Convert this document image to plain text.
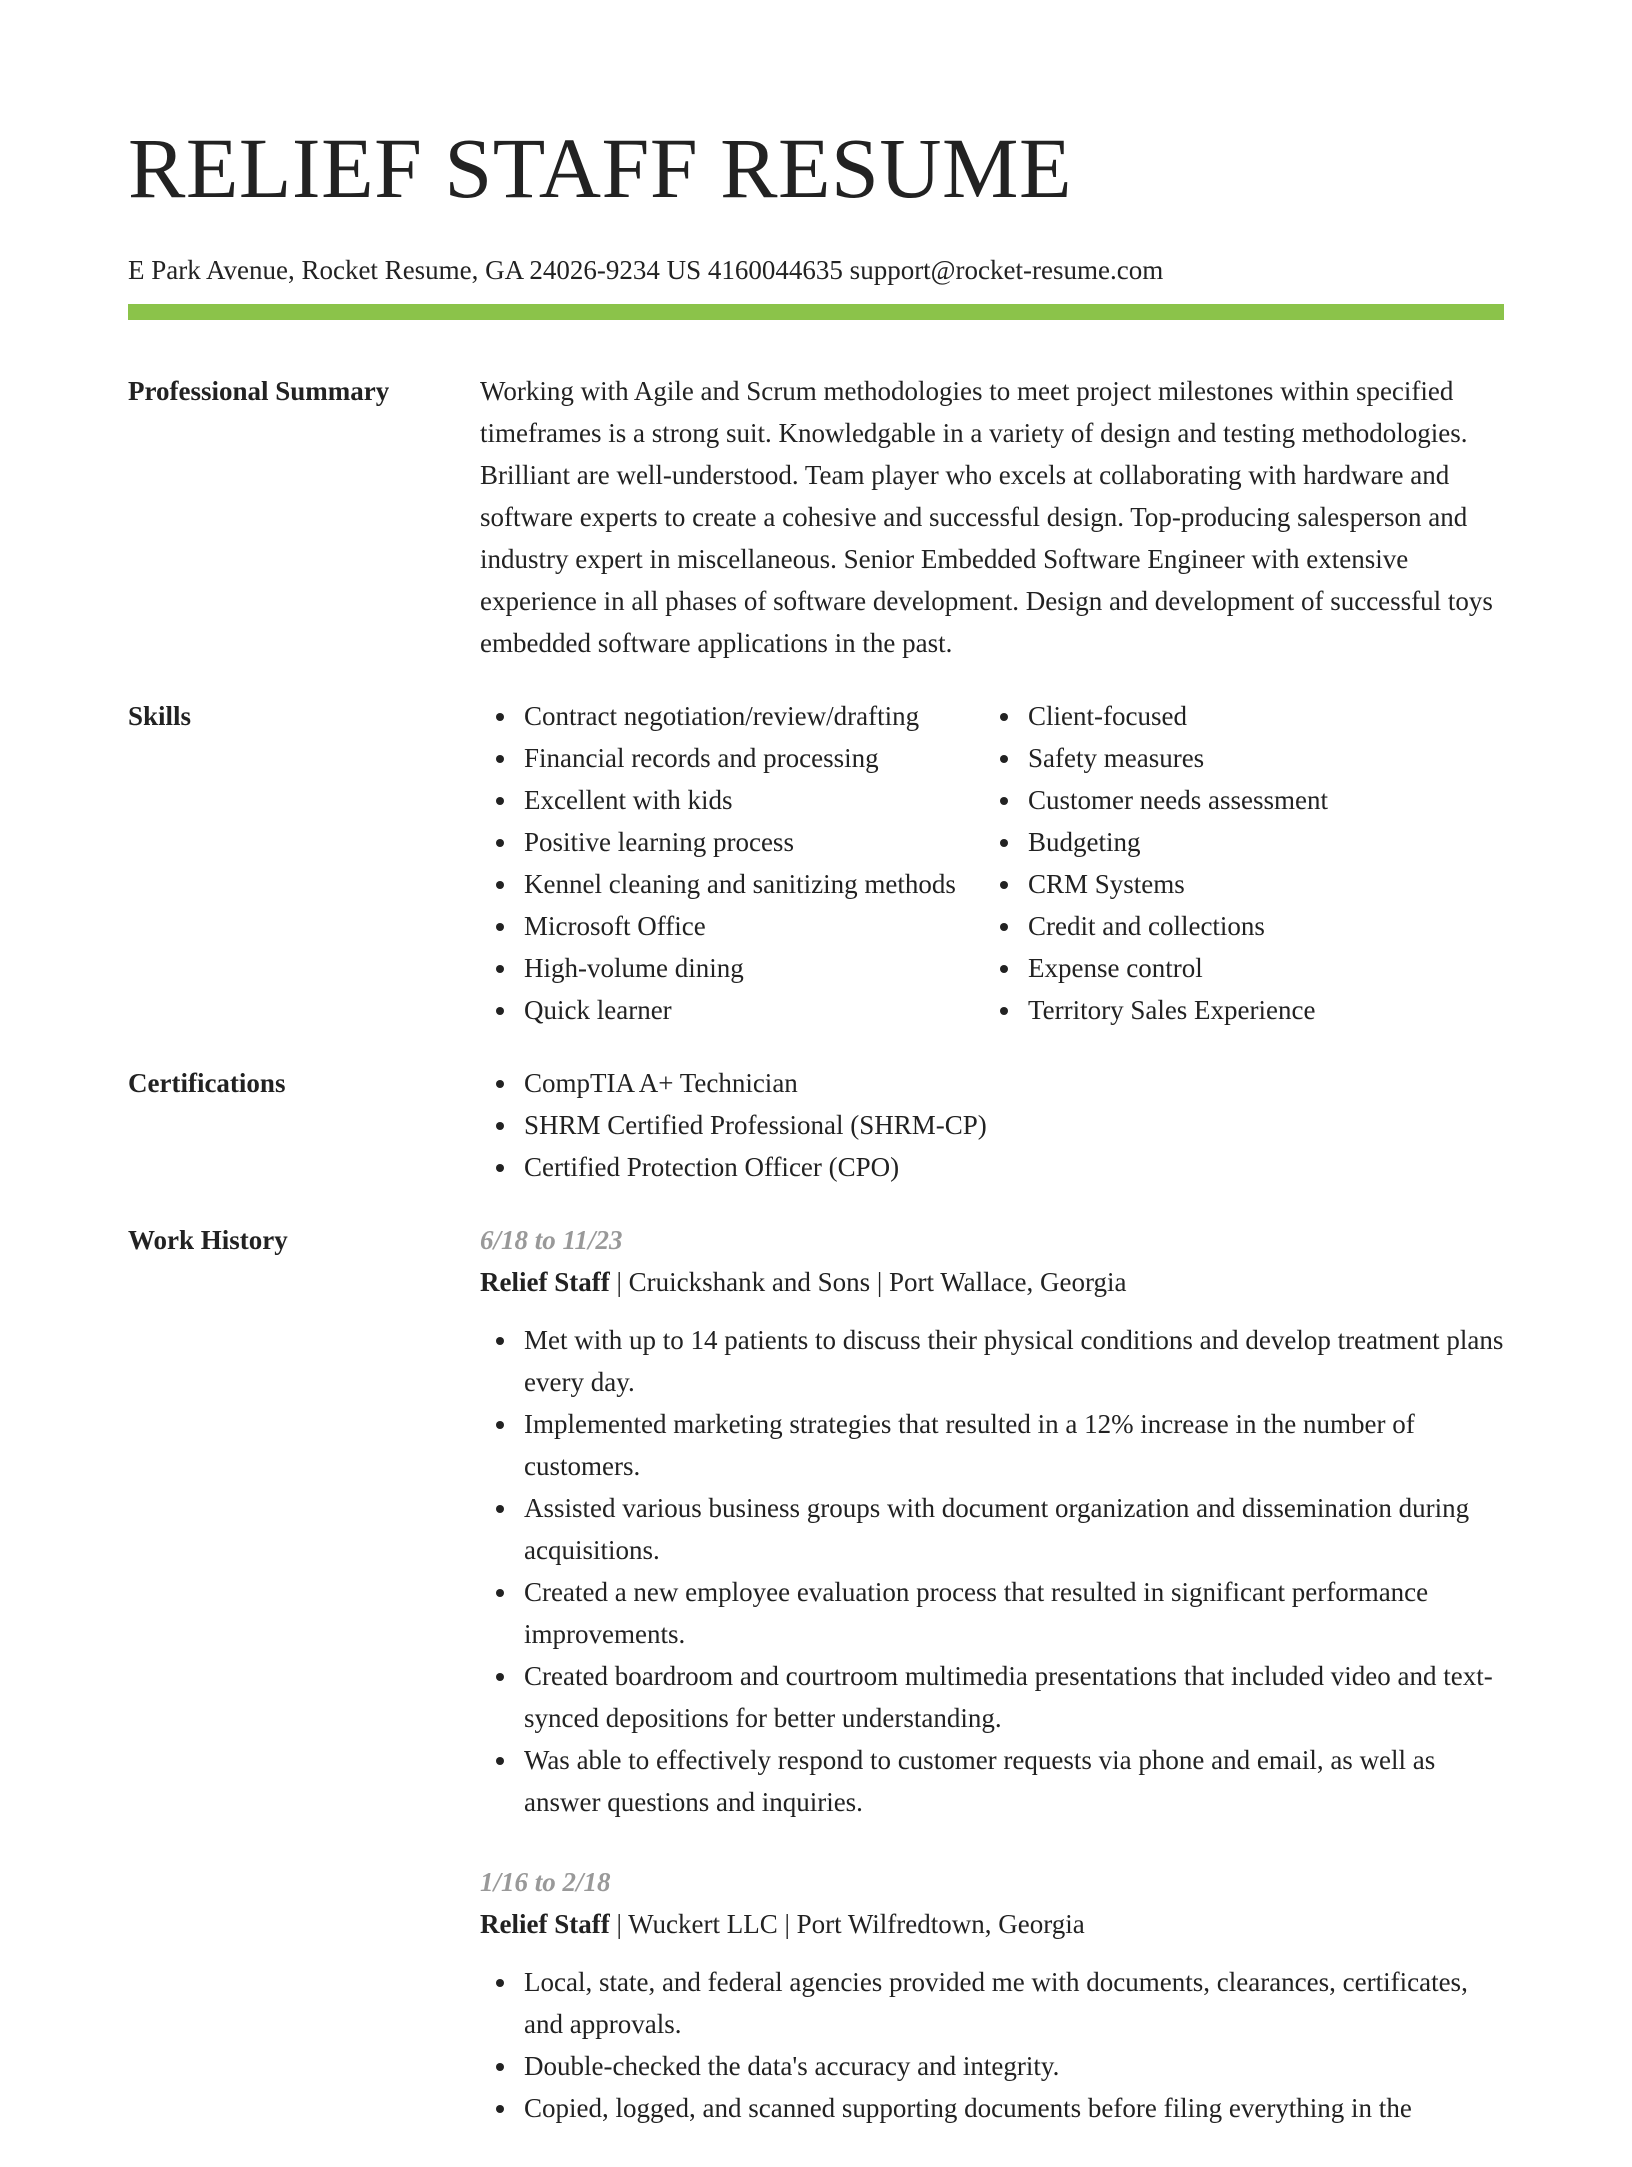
RELIEF STAFF RESUME
E Park Avenue, Rocket Resume, GA 24026-9234 US 4160044635 support@rocket-resume.com
Professional Summary	Working with Agile and Scrum methodologies to meet project milestones within specified timeframes is a strong suit. Knowledgable in a variety of design and testing methodologies. Brilliant are well-understood. Team player who excels at collaborating with hardware and software experts to create a cohesive and successful design. Top-producing salesperson and industry expert in miscellaneous. Senior Embedded Software Engineer with extensive experience in all phases of software development. Design and development of successful toys embedded software applications in the past.

Skills	Contract negotiation/review/drafting
Financial records and processing
Excellent with kids
Positive learning process
Kennel cleaning and sanitizing methods
Microsoft Office
High-volume dining
Quick learner
Client-focused
Safety measures
Customer needs assessment
Budgeting
CRM Systems
Credit and collections
Expense control
Territory Sales Experience
Certifications	CompTIA A+ Technician
SHRM Certified Professional (SHRM-CP)
Certified Protection Officer (CPO)
Work History	6/18 to 11/23
Relief Staff | Cruickshank and Sons | Port Wallace, Georgia
Met with up to 14 patients to discuss their physical conditions and develop treatment plans every day.
Implemented marketing strategies that resulted in a 12% increase in the number of customers.
Assisted various business groups with document organization and dissemination during acquisitions.
Created a new employee evaluation process that resulted in significant performance improvements.
Created boardroom and courtroom multimedia presentations that included video and text-synced depositions for better understanding.
Was able to effectively respond to customer requests via phone and email, as well as answer questions and inquiries.
1/16 to 2/18
Relief Staff | Wuckert LLC | Port Wilfredtown, Georgia
Local, state, and federal agencies provided me with documents, clearances, certificates, and approvals.
Double-checked the data's accuracy and integrity.
Copied, logged, and scanned supporting documents before filing everything in the
